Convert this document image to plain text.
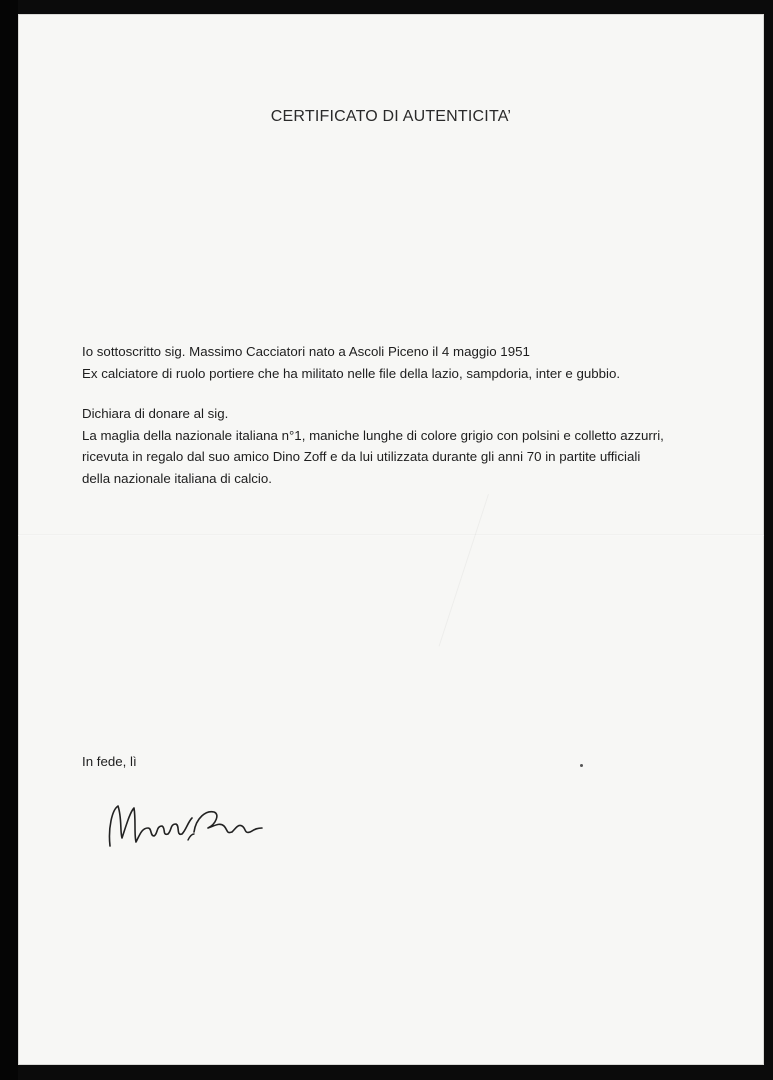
CERTIFICATO DI AUTENTICITA’
Io sottoscritto sig. Massimo Cacciatori nato a Ascoli Piceno il 4 maggio 1951
Ex calciatore di ruolo portiere che ha militato nelle file della lazio, sampdoria, inter e gubbio.
Dichiara di donare al sig.
La maglia della nazionale italiana n°1, maniche lunghe di colore grigio con polsini e colletto azzurri,
ricevuta in regalo dal suo amico Dino Zoff e da lui utilizzata durante gli anni 70 in partite ufficiali
della nazionale italiana di calcio.
In fede, lì
